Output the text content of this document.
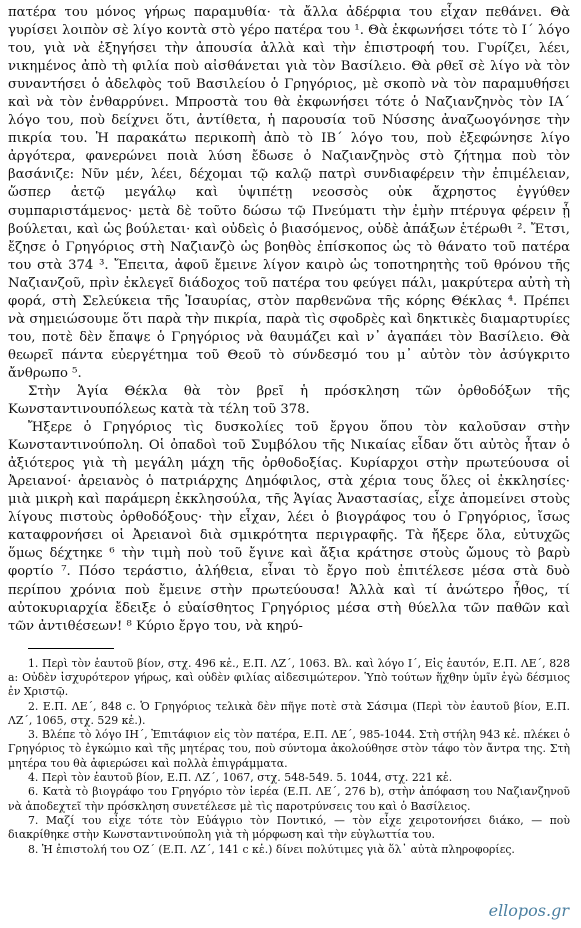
πατέρα του μόνος γήρως παραμυθία· τὰ ἄλλα ἀδέρφια του εἶχαν πεθάνει. Θὰ γυρίσει λοιπὸν σὲ λίγο κοντὰ στὸ γέρο πατέρα του ¹. Θὰ ἐκφωνήσει τότε τὸ Ι΄ λόγο του, γιὰ νὰ ἐξηγήσει τὴν ἀπουσία ἀλλὰ καὶ τὴν ἐπιστροφή του. Γυρίζει, λέει, νικημένος ἀπὸ τὴ φιλία ποὺ αἰσθάνεται γιὰ τὸν Βασίλειο. Θὰ ρθεῖ σὲ λίγο νὰ τὸν συναντήσει ὁ ἀδελφὸς τοῦ Βασιλείου ὁ Γρηγόριος, μὲ σκοπὸ νὰ τὸν παραμυθήσει καὶ νὰ τὸν ἐνθαρρύνει. Μπροστὰ του θὰ ἐκφωνήσει τότε ὁ Ναζιανζηνὸς τὸν ΙΑ΄ λόγο του, ποὺ δείχνει ὅτι, ἀντίθετα, ἡ παρουσία τοῦ Νύσσης ἀναζωογόνησε τὴν πικρία του. Ἡ παρακάτω περικοπὴ ἀπὸ τὸ ΙΒ΄ λόγο του, ποὺ ἐξεφώνησε λίγο ἀργότερα, φανερώνει ποιὰ λύση ἔδωσε ὁ Ναζιανζηνὸς στὸ ζήτημα ποὺ τὸν βασάνιζε: Νῦν μέν, λέει, δέχομαι τῷ καλῷ πατρὶ συνδιαφέρειν τὴν ἐπιμέλειαν, ὥσπερ ἀετῷ μεγάλῳ καὶ ὑψιπέτῃ νεοσσὸς οὐκ ἄχρηστος ἐγγύθεν συμπαριστάμενος· μετὰ δὲ τοῦτο δώσω τῷ Πνεύματι τὴν ἐμὴν πτέρυγα φέρειν ᾗ βούλεται, καὶ ὡς βούλεται· καὶ οὐδεὶς ὁ βιασόμενος, οὐδὲ ἀπάξων ἑτέρωθι ². Ἔτσι, ἔζησε ὁ Γρηγόριος στὴ Ναζιανζὸ ὡς βοηθὸς ἐπίσκοπος ὡς τὸ θάνατο τοῦ πατέρα του στὰ 374 ³. Ἔπειτα, ἀφοῦ ἔμεινε λίγον καιρὸ ὡς τοποτηρητὴς τοῦ θρόνου τῆς Ναζιανζοῦ, πρὶν ἐκλεγεῖ διάδοχος τοῦ πατέρα του φεύγει πάλι, μακρύτερα αὐτὴ τὴ φορά, στὴ Σελεύκεια τῆς Ἰσαυρίας, στὸν παρθενῶνα τῆς κόρης Θέκλας ⁴. Πρέπει νὰ σημειώσουμε ὅτι παρὰ τὴν πικρία, παρὰ τὶς σφοδρὲς καὶ δηκτικὲς διαμαρτυρίες του, ποτὲ δὲν ἔπαψε ὁ Γρηγόριος νὰ θαυμάζει καὶ ν᾽ ἀγαπάει τὸν Βασίλειο. Θὰ θεωρεῖ πάντα εὐεργέτημα τοῦ Θεοῦ τὸ σύνδεσμό του μ᾽ αὐτὸν τὸν ἀσύγκριτο ἄνθρωπο ⁵.

Στὴν Ἁγία Θέκλα θὰ τὸν βρεῖ ἡ πρόσκληση τῶν ὀρθοδόξων τῆς Κωνσταντινουπόλεως κατὰ τὰ τέλη τοῦ 378.

Ἤξερε ὁ Γρηγόριος τὶς δυσκολίες τοῦ ἔργου ὅπου τὸν καλοῦσαν στὴν Κωνσταντινούπολη. Οἱ ὀπαδοὶ τοῦ Συμβόλου τῆς Νικαίας εἶδαν ὅτι αὐτὸς ἦταν ὁ ἀξιότερος γιὰ τὴ μεγάλη μάχη τῆς ὀρθοδοξίας. Κυρίαρχοι στὴν πρωτεύουσα οἱ Ἀρειανοί· ἀρειανὸς ὁ πατριάρχης Δημόφιλος, στὰ χέρια τους ὅλες οἱ ἐκκλησίες· μιὰ μικρὴ καὶ παράμερη ἐκκλησούλα, τῆς Ἁγίας Ἀναστασίας, εἶχε ἀπομείνει στοὺς λίγους πιστοὺς ὀρθοδόξους· τὴν εἶχαν, λέει ὁ βιογράφος του ὁ Γρηγόριος, ἴσως καταφρονήσει οἱ Ἀρειανοὶ διὰ σμικρότητα περιγραφῆς. Τὰ ἤξερε ὅλα, εὐτυχῶς ὅμως δέχτηκε ⁶ τὴν τιμὴ ποὺ τοῦ ἔγινε καὶ ἄξια κράτησε στοὺς ὤμους τὸ βαρὺ φορτίο ⁷. Πόσο τεράστιο, ἀλήθεια, εἶναι τὸ ἔργο ποὺ ἐπιτέλεσε μέσα στὰ δυὸ περίπου χρόνια ποὺ ἔμεινε στὴν πρωτεύουσα! Ἀλλὰ καὶ τί ἀνώτερο ἦθος, τί αὐτοκυριαρχία ἔδειξε ὁ εὐαίσθητος Γρηγόριος μέσα στὴ θύελλα τῶν παθῶν καὶ τῶν ἀντιθέσεων! ⁸ Κύριο ἔργο του, νὰ κηρύ-

1. Περὶ τὸν ἑαυτοῦ βίον, στχ. 496 κἑ., Ε.Π. ΛΖ΄, 1063. Βλ. καὶ λόγο Ι΄, Εἰς ἑαυτόν, Ε.Π. ΛΕ΄, 828 a: Οὐδὲν ἰσχυρότερον γήρως, καὶ οὐδὲν φιλίας αἰδεσιμώτερον. Ὑπὸ τούτων ἥχθην ὑμῖν ἐγὼ δέσμιος ἐν Χριστῷ.

2. Ε.Π. ΛΕ΄, 848 c. Ὁ Γρηγόριος τελικὰ δὲν πῆγε ποτὲ στὰ Σάσιμα (Περὶ τὸν ἑαυτοῦ βίον, Ε.Π. ΛΖ΄, 1065, στχ. 529 κἑ.).

3. Βλέπε τὸ λόγο ΙΗ΄, Ἐπιτάφιον εἰς τὸν πατέρα, Ε.Π. ΛΕ΄, 985-1044. Στὴ στήλη 943 κἑ. πλέκει ὁ Γρηγόριος τὸ ἐγκώμιο καὶ τῆς μητέρας του, ποὺ σύντομα ἀκολούθησε στὸν τάφο τὸν ἄντρα της. Στὴ μητέρα του θὰ ἀφιερώσει καὶ πολλὰ ἐπιγράμματα.

4. Περὶ τὸν ἑαυτοῦ βίον, Ε.Π. ΛΖ΄, 1067, στχ. 548-549. 5. 1044, στχ. 221 κἑ.

6. Κατὰ τὸ βιογράφο του Γρηγόριο τὸν ἱερέα (Ε.Π. ΛΕ΄, 276 b), στὴν ἀπόφαση του Ναζιανζηνοῦ νὰ ἀποδεχτεῖ τὴν πρόσκληση συνετέλεσε μὲ τὶς παροτρύνσεις του καὶ ὁ Βασίλειος.

7. Μαζί του εἶχε τότε τὸν Εὐάγριο τὸν Ποντικό, — τὸν εἶχε χειροτονήσει διάκο, — ποὺ διακρίθηκε στὴν Κωνσταντινούπολη γιὰ τὴ μόρφωση καὶ τὴν εὐγλωττία του.

8. Ἡ ἐπιστολή του ΟΖ΄ (Ε.Π. ΛΖ΄, 141 c κἑ.) δίνει πολύτιμες γιὰ ὅλ᾽ αὐτὰ πληροφορίες.

ellopos.gr
